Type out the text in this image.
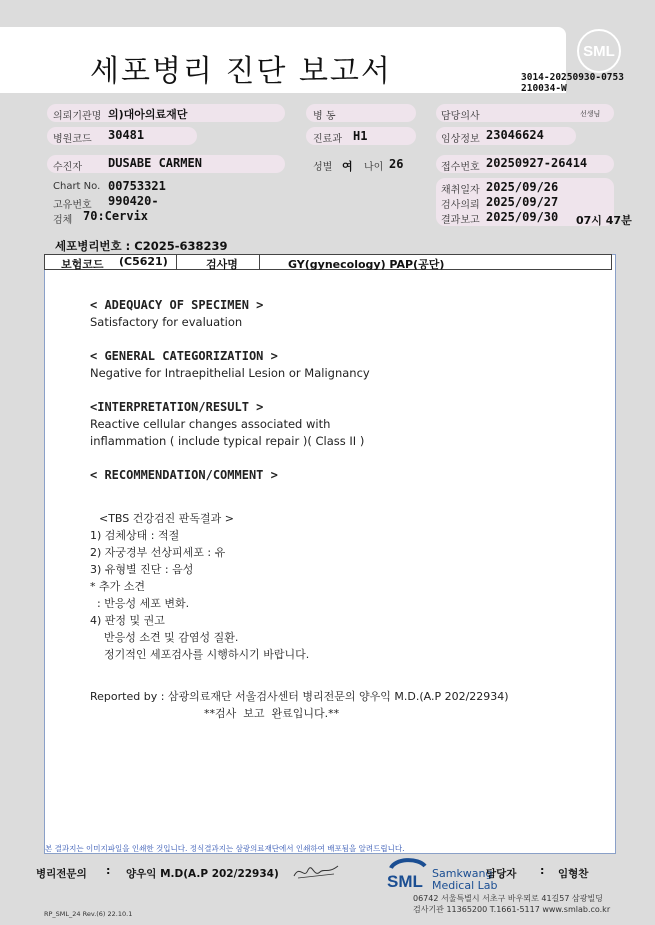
세포병리 진단 보고서
SML
3014-20250930-0753
210034-W
의뢰기관명 의)대아의료재단	병 동	담당의사	선생님
병원코드 30481	진료과 H1	임상정보 23046624
수진자 DUSABE CARMEN	성별 여 나이 26	접수번호 20250927-26414
Chart No. 00753321
고유번호 990420-
검체 70:Cervix
채취일자 2025/09/26
검사의뢰 2025/09/27
결과보고 2025/09/30 07시 47분
세포병리번호 : C2025-638239
보험코드 (C5621)	검사명	GY(gynecology) PAP(공단)
< ADEQUACY OF SPECIMEN >
Satisfactory for evaluation
< GENERAL CATEGORIZATION >
Negative for Intraepithelial Lesion or Malignancy
<INTERPRETATION/RESULT >
Reactive cellular changes associated with
inflammation ( include typical repair )( Class II )
< RECOMMENDATION/COMMENT >
<TBS 건강검진 판독결과 >
1) 검체상태 : 적절
2) 자궁경부 선상피세포 : 유
3) 유형별 진단 : 음성
* 추가 소견
: 반응성 세포 변화.
4) 판정 및 권고
반응성 소견 및 감염성 질환.
정기적인 세포검사를 시행하시기 바랍니다.
Reported by : 삼광의료재단 서울검사센터 병리전문의 양우익 M.D.(A.P 202/22934)
**검사  보고  완료입니다.**
본 결과지는 이미지파일을 인쇄한 것입니다. 정식결과지는 삼광의료재단에서 인쇄하여 배포됨을 알려드립니다.
병리전문의 : 양우익 M.D(A.P 202/22934)	SML Samkwang
Medical Lab
담당자 : 임형찬
06742 서울특별시 서초구 바우뫼로 41길57 삼광빌딩
검사기관 11365200 T.1661-5117 www.smlab.co.kr
RP_SML_24 Rev.(6) 22.10.1
